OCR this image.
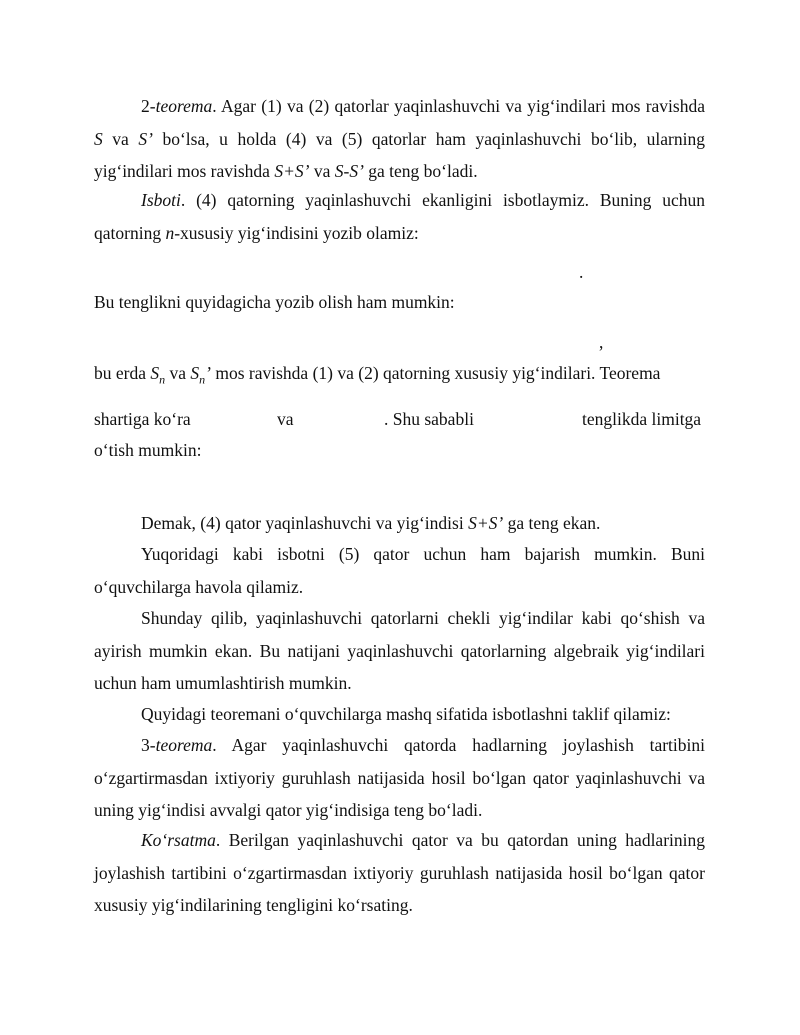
2-teorema. Agar (1) va (2) qatorlar yaqinlashuvchi va yig‘indilari mos ravishda S va S’ bo‘lsa, u holda (4) va (5) qatorlar ham yaqinlashuvchi bo‘lib, ularning yig‘indilari mos ravishda S+S’ va S-S’ ga teng bo‘ladi.

Isboti. (4) qatorning yaqinlashuvchi ekanligini isbotlaymiz. Buning uchun qatorning n-xususiy yig‘indisini yozib olamiz:

.

Bu tenglikni quyidagicha yozib olish ham mumkin:

,

bu erda $S_n$ va $S_n$’ mos ravishda (1) va (2) qatorning xususiy yig‘indilari. Teorema

shartiga ko‘ra	va	. Shu sababli	tenglikda limitga

o‘tish mumkin:

Demak, (4) qator yaqinlashuvchi va yig‘indisi S+S’ ga teng ekan.

Yuqoridagi kabi isbotni (5) qator uchun ham bajarish mumkin. Buni o‘quvchilarga havola qilamiz.

Shunday qilib, yaqinlashuvchi qatorlarni chekli yig‘indilar kabi qo‘shish va ayirish mumkin ekan. Bu natijani yaqinlashuvchi qatorlarning algebraik yig‘indilari uchun ham umumlashtirish mumkin.

Quyidagi teoremani o‘quvchilarga mashq sifatida isbotlashni taklif qilamiz:

3-teorema. Agar yaqinlashuvchi qatorda hadlarning joylashish tartibini o‘zgartirmasdan ixtiyoriy guruhlash natijasida hosil bo‘lgan qator yaqinlashuvchi va uning yig‘indisi avvalgi qator yig‘indisiga teng bo‘ladi.

Ko‘rsatma. Berilgan yaqinlashuvchi qator va bu qatordan uning hadlarining joylashish tartibini o‘zgartirmasdan ixtiyoriy guruhlash natijasida hosil bo‘lgan qator xususiy yig‘indilarining tengligini ko‘rsating.
